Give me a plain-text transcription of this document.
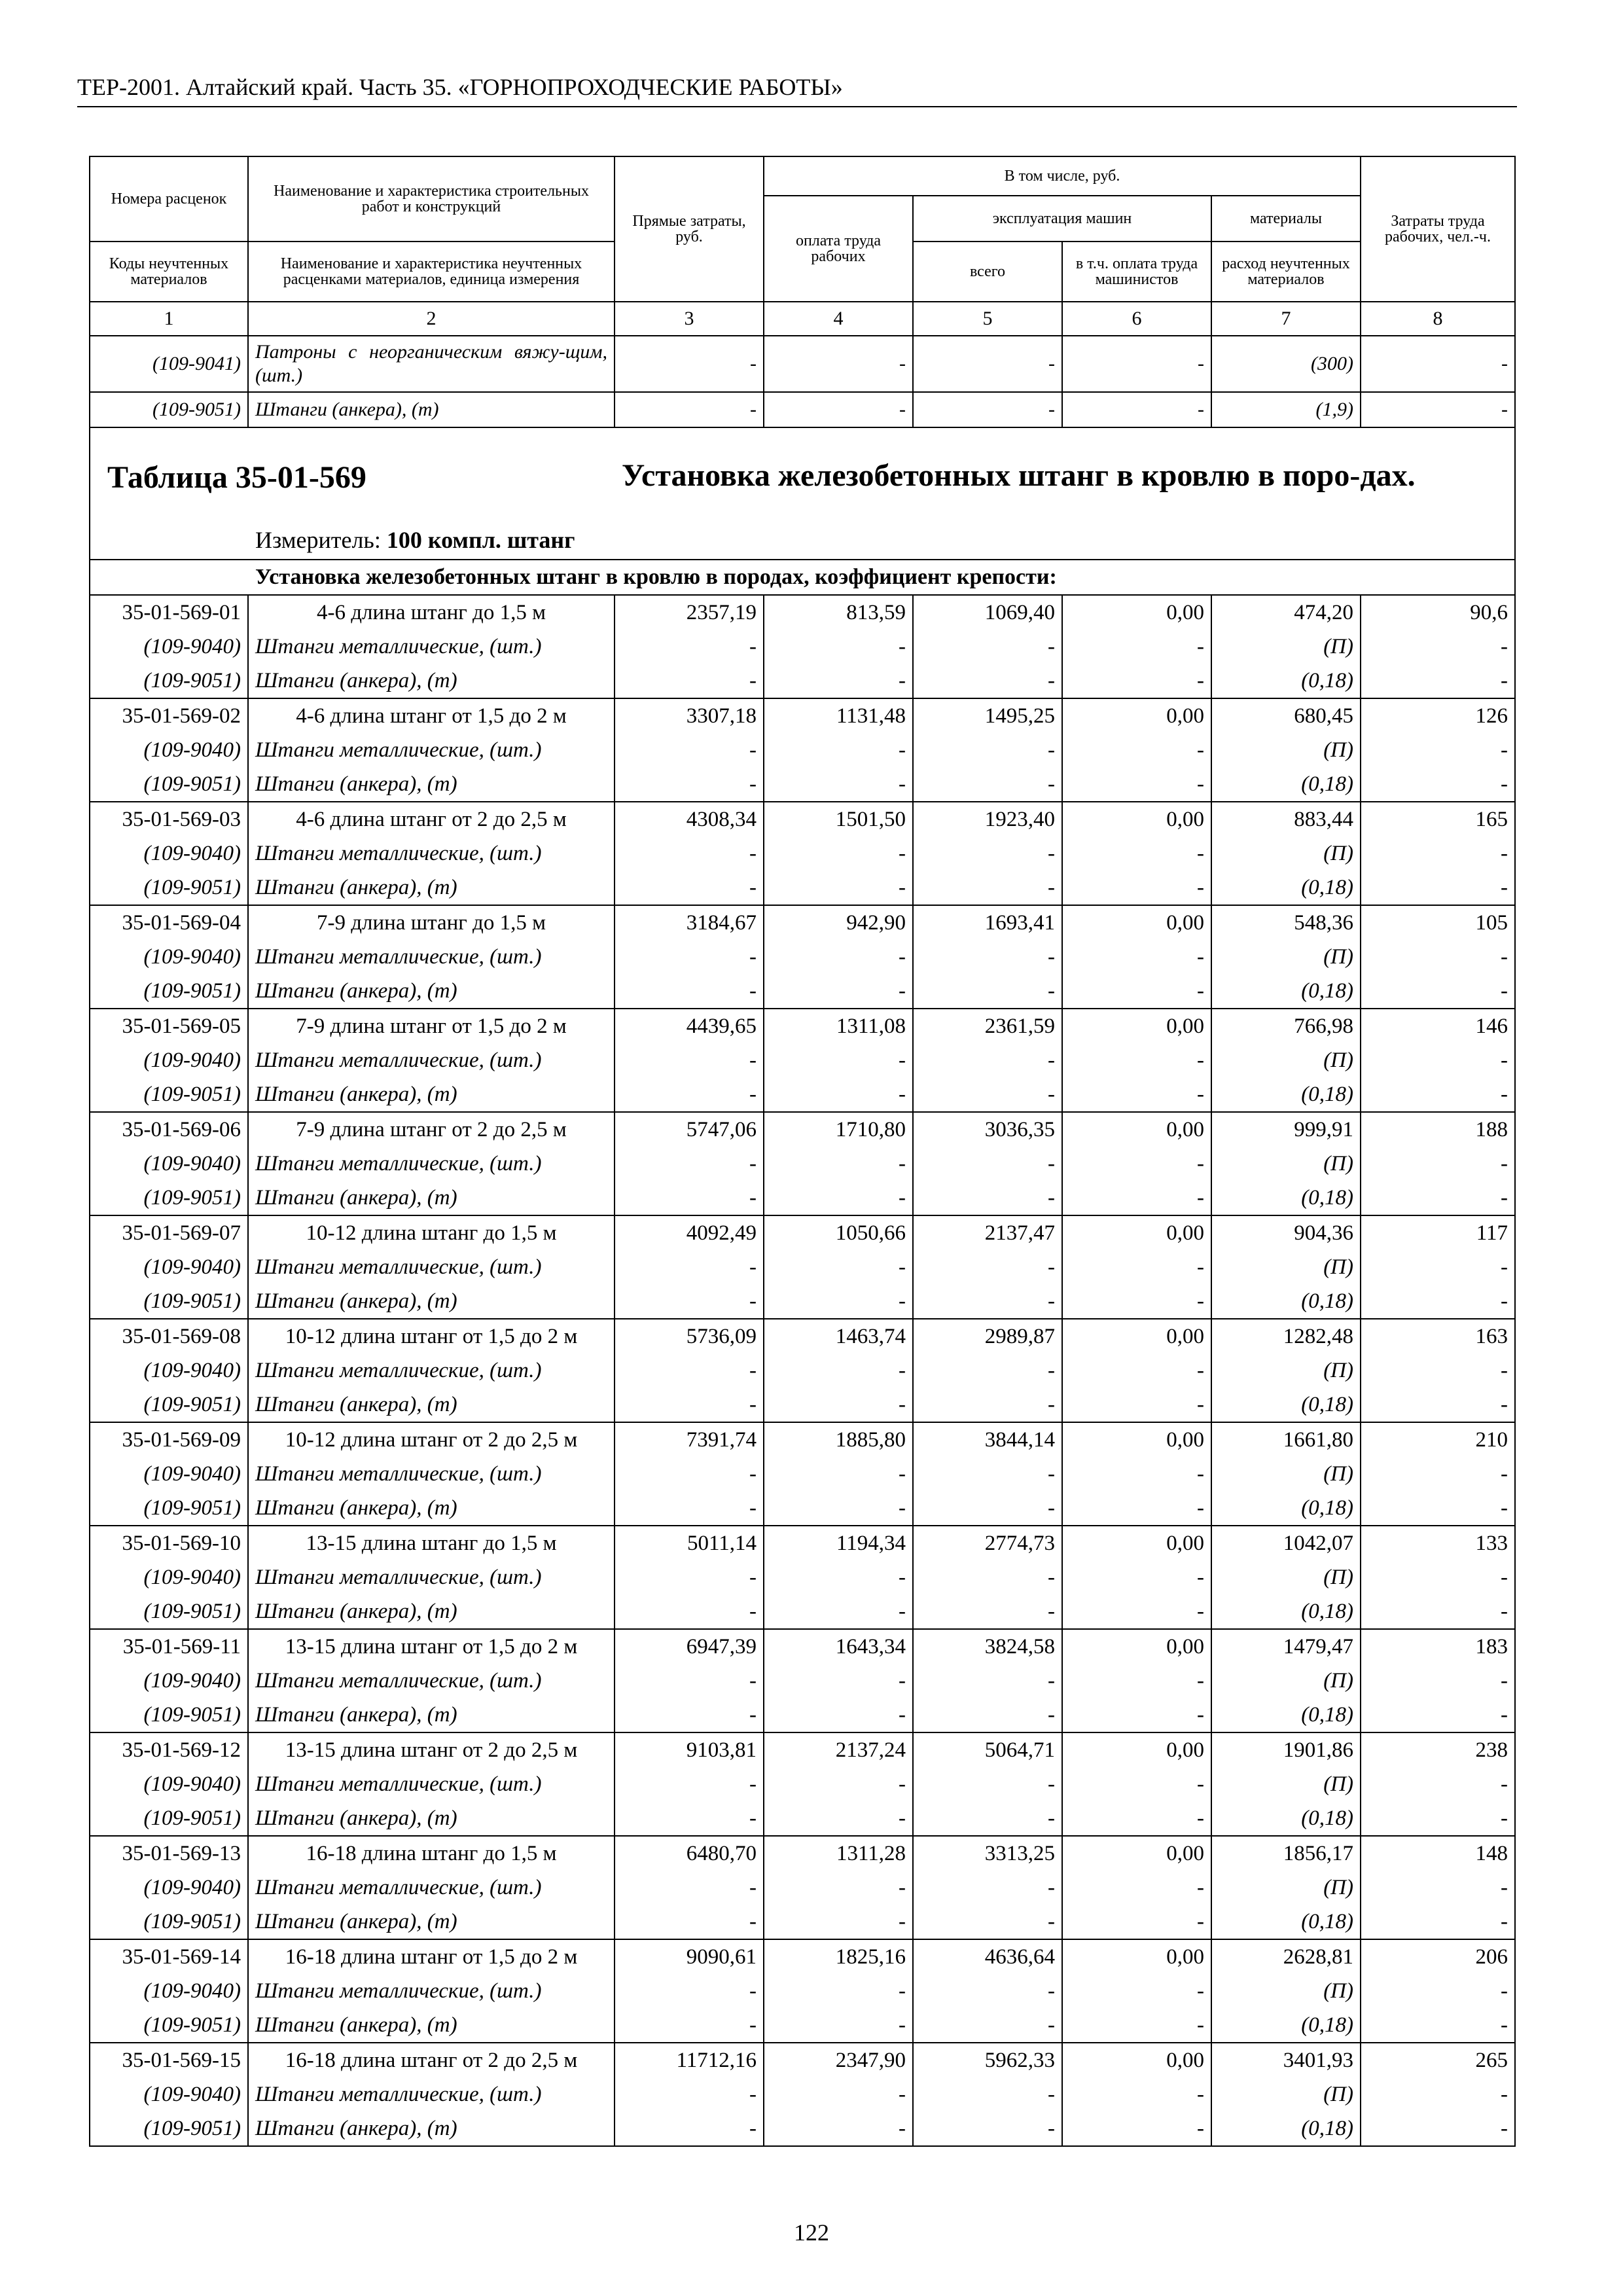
ТЕР-2001. Алтайский край. Часть 35. «ГОРНОПРОХОДЧЕСКИЕ РАБОТЫ»
Номера расценок	Наименование и характеристика строительных работ и конструкций	Прямые затраты, руб.	В том числе, руб.				Затраты труда рабочих, чел.-ч.
			оплата труда рабочих	эксплуатация машин		материалы	
Коды неучтенных материалов	Наименование и характеристика неучтенных расценками материалов, единица измерения			всего	в т.ч. оплата труда машинистов	расход неучтенных материалов	
1	2	3	4	5	6	7	8
(109-9041)	Патроны с неорганическим вяжу-щим, (шт.)	-	-	-	-	(300)	-
(109-9051)	Штанги (анкера), (т)	-	-	-	-	(1,9)	-

Таблица 35-01-569 Установка железобетонных штанг в кровлю в поро-дах.
Измеритель: 100 компл. штанг							

Установка железобетонных штанг в кровлю в породах, коэффициент крепости:							
35-01-569-01	4-6 длина штанг до 1,5 м	2357,19	813,59	1069,40	0,00	474,20	90,6
(109-9040)	Штанги металлические, (шт.)	-	-	-	-	(П)	-
(109-9051)	Штанги (анкера), (т)	-	-	-	-	(0,18)	-
35-01-569-02	4-6 длина штанг от 1,5 до 2 м	3307,18	1131,48	1495,25	0,00	680,45	126
(109-9040)	Штанги металлические, (шт.)	-	-	-	-	(П)	-
(109-9051)	Штанги (анкера), (т)	-	-	-	-	(0,18)	-
35-01-569-03	4-6 длина штанг от 2 до 2,5 м	4308,34	1501,50	1923,40	0,00	883,44	165
(109-9040)	Штанги металлические, (шт.)	-	-	-	-	(П)	-
(109-9051)	Штанги (анкера), (т)	-	-	-	-	(0,18)	-
35-01-569-04	7-9 длина штанг до 1,5 м	3184,67	942,90	1693,41	0,00	548,36	105
(109-9040)	Штанги металлические, (шт.)	-	-	-	-	(П)	-
(109-9051)	Штанги (анкера), (т)	-	-	-	-	(0,18)	-
35-01-569-05	7-9 длина штанг от 1,5 до 2 м	4439,65	1311,08	2361,59	0,00	766,98	146
(109-9040)	Штанги металлические, (шт.)	-	-	-	-	(П)	-
(109-9051)	Штанги (анкера), (т)	-	-	-	-	(0,18)	-
35-01-569-06	7-9 длина штанг от 2 до 2,5 м	5747,06	1710,80	3036,35	0,00	999,91	188
(109-9040)	Штанги металлические, (шт.)	-	-	-	-	(П)	-
(109-9051)	Штанги (анкера), (т)	-	-	-	-	(0,18)	-
35-01-569-07	10-12 длина штанг до 1,5 м	4092,49	1050,66	2137,47	0,00	904,36	117
(109-9040)	Штанги металлические, (шт.)	-	-	-	-	(П)	-
(109-9051)	Штанги (анкера), (т)	-	-	-	-	(0,18)	-
35-01-569-08	10-12 длина штанг от 1,5 до 2 м	5736,09	1463,74	2989,87	0,00	1282,48	163
(109-9040)	Штанги металлические, (шт.)	-	-	-	-	(П)	-
(109-9051)	Штанги (анкера), (т)	-	-	-	-	(0,18)	-
35-01-569-09	10-12 длина штанг от 2 до 2,5 м	7391,74	1885,80	3844,14	0,00	1661,80	210
(109-9040)	Штанги металлические, (шт.)	-	-	-	-	(П)	-
(109-9051)	Штанги (анкера), (т)	-	-	-	-	(0,18)	-
35-01-569-10	13-15 длина штанг до 1,5 м	5011,14	1194,34	2774,73	0,00	1042,07	133
(109-9040)	Штанги металлические, (шт.)	-	-	-	-	(П)	-
(109-9051)	Штанги (анкера), (т)	-	-	-	-	(0,18)	-
35-01-569-11	13-15 длина штанг от 1,5 до 2 м	6947,39	1643,34	3824,58	0,00	1479,47	183
(109-9040)	Штанги металлические, (шт.)	-	-	-	-	(П)	-
(109-9051)	Штанги (анкера), (т)	-	-	-	-	(0,18)	-
35-01-569-12	13-15 длина штанг от 2 до 2,5 м	9103,81	2137,24	5064,71	0,00	1901,86	238
(109-9040)	Штанги металлические, (шт.)	-	-	-	-	(П)	-
(109-9051)	Штанги (анкера), (т)	-	-	-	-	(0,18)	-
35-01-569-13	16-18 длина штанг до 1,5 м	6480,70	1311,28	3313,25	0,00	1856,17	148
(109-9040)	Штанги металлические, (шт.)	-	-	-	-	(П)	-
(109-9051)	Штанги (анкера), (т)	-	-	-	-	(0,18)	-
35-01-569-14	16-18 длина штанг от 1,5 до 2 м	9090,61	1825,16	4636,64	0,00	2628,81	206
(109-9040)	Штанги металлические, (шт.)	-	-	-	-	(П)	-
(109-9051)	Штанги (анкера), (т)	-	-	-	-	(0,18)	-
35-01-569-15	16-18 длина штанг от 2 до 2,5 м	11712,16	2347,90	5962,33	0,00	3401,93	265
(109-9040)	Штанги металлические, (шт.)	-	-	-	-	(П)	-
(109-9051)	Штанги (анкера), (т)	-	-	-	-	(0,18)	-
122
